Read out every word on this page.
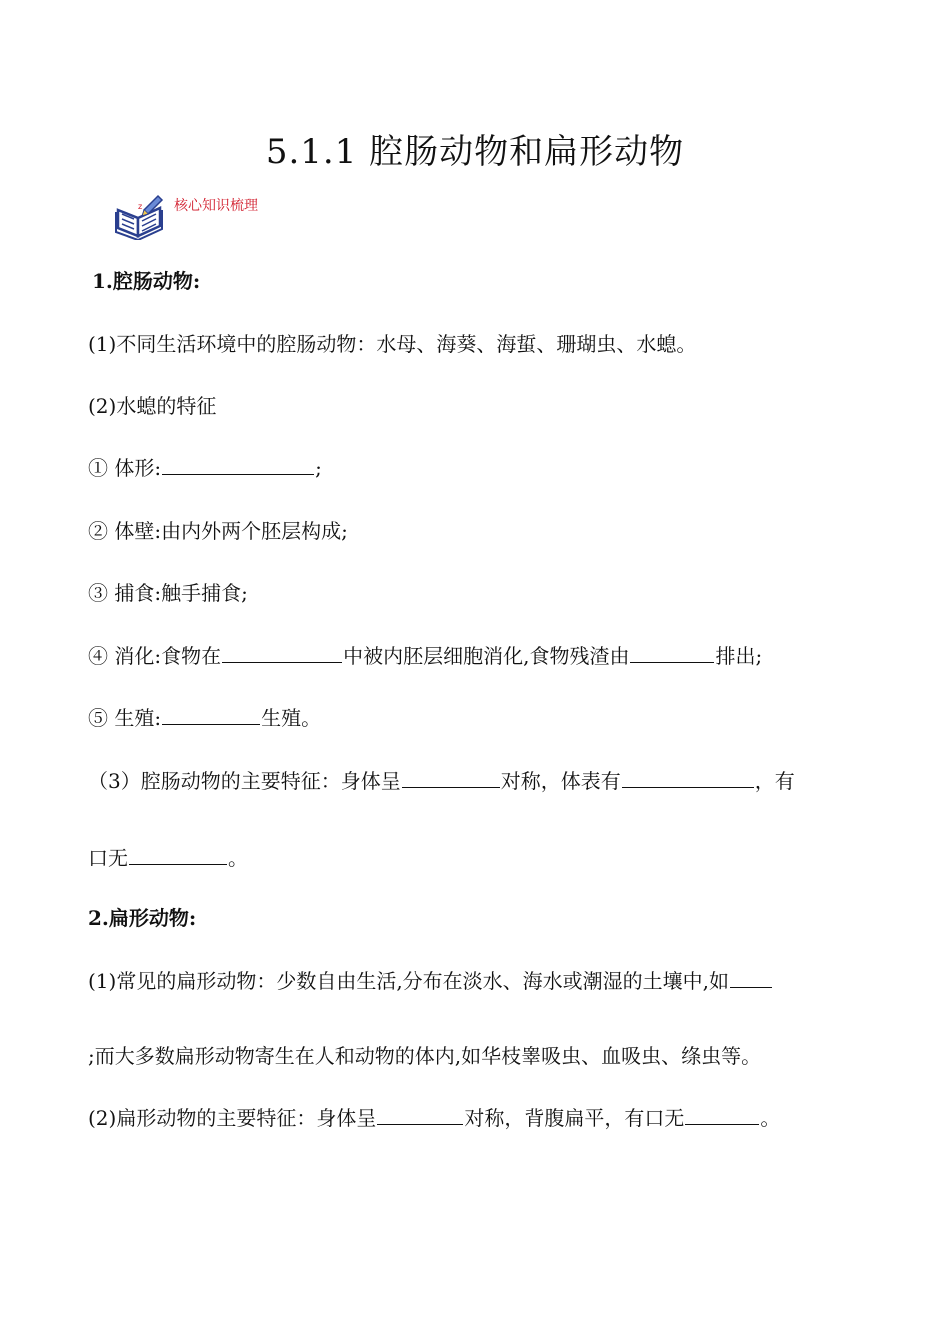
5.1.1 腔肠动物和扁形动物
z 核心知识梳理
1.腔肠动物:
(1)不同生活环境中的腔肠动物：水母、海葵、海蜇、珊瑚虫、水螅。
(2)水螅的特征
① 体形:	;
② 体壁:由内外两个胚层构成;
③ 捕食:触手捕食;
④ 消化:食物在	中被内胚层细胞消化,食物残渣由	排出;
⑤ 生殖:	生殖。
（3）腔肠动物的主要特征：身体呈	对称，体表有	，有
口无	。
2.扁形动物:
(1)常见的扁形动物：少数自由生活,分布在淡水、海水或潮湿的土壤中,如
;而大多数扁形动物寄生在人和动物的体内,如华枝睾吸虫、血吸虫、绦虫等。
(2)扁形动物的主要特征：身体呈	对称，背腹扁平，有口无	。
